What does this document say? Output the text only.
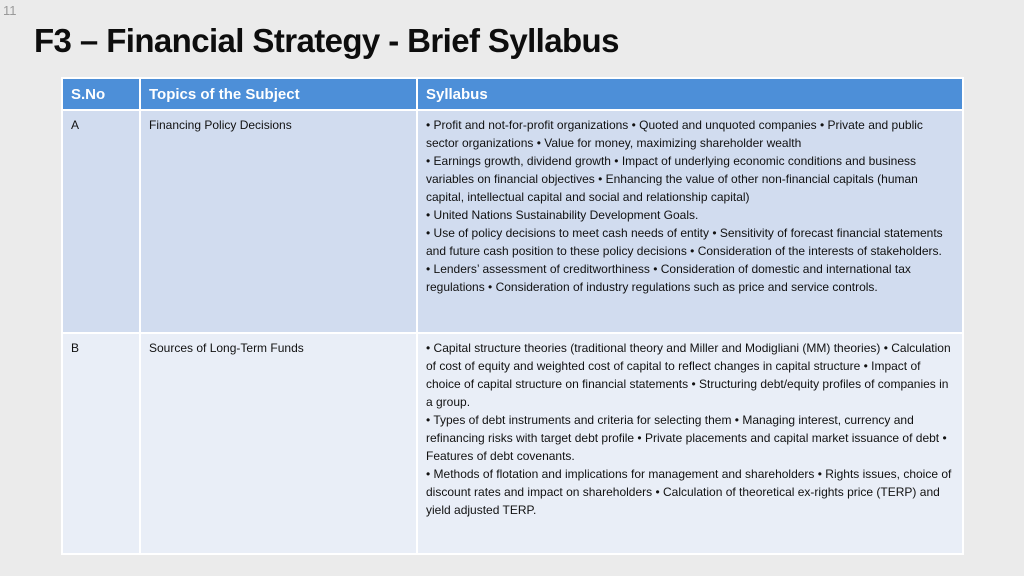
11
F3 – Financial Strategy - Brief Syllabus
S.No	Topics of the Subject	Syllabus
A	Financing Policy Decisions	• Profit and not-for-profit organizations • Quoted and unquoted companies • Private and public sector organizations • Value for money, maximizing shareholder wealth

• Earnings growth, dividend growth • Impact of underlying economic conditions and business variables on financial objectives • Enhancing the value of other non-financial capitals (human capital, intellectual capital and social and relationship capital)

• United Nations Sustainability Development Goals.

• Use of policy decisions to meet cash needs of entity • Sensitivity of forecast financial statements and future cash position to these policy decisions • Consideration of the interests of stakeholders.

• Lenders’ assessment of creditworthiness • Consideration of domestic and international tax regulations • Consideration of industry regulations such as price and service controls.

B	Sources of Long-Term Funds	• Capital structure theories (traditional theory and Miller and Modigliani (MM) theories) • Calculation of cost of equity and weighted cost of capital to reflect changes in capital structure • Impact of choice of capital structure on financial statements • Structuring debt/equity profiles of companies in a group.

• Types of debt instruments and criteria for selecting them • Managing interest, currency and refinancing risks with target debt profile • Private placements and capital market issuance of debt • Features of debt covenants.

• Methods of flotation and implications for management and shareholders • Rights issues, choice of discount rates and impact on shareholders • Calculation of theoretical ex-rights price (TERP) and yield adjusted TERP.
